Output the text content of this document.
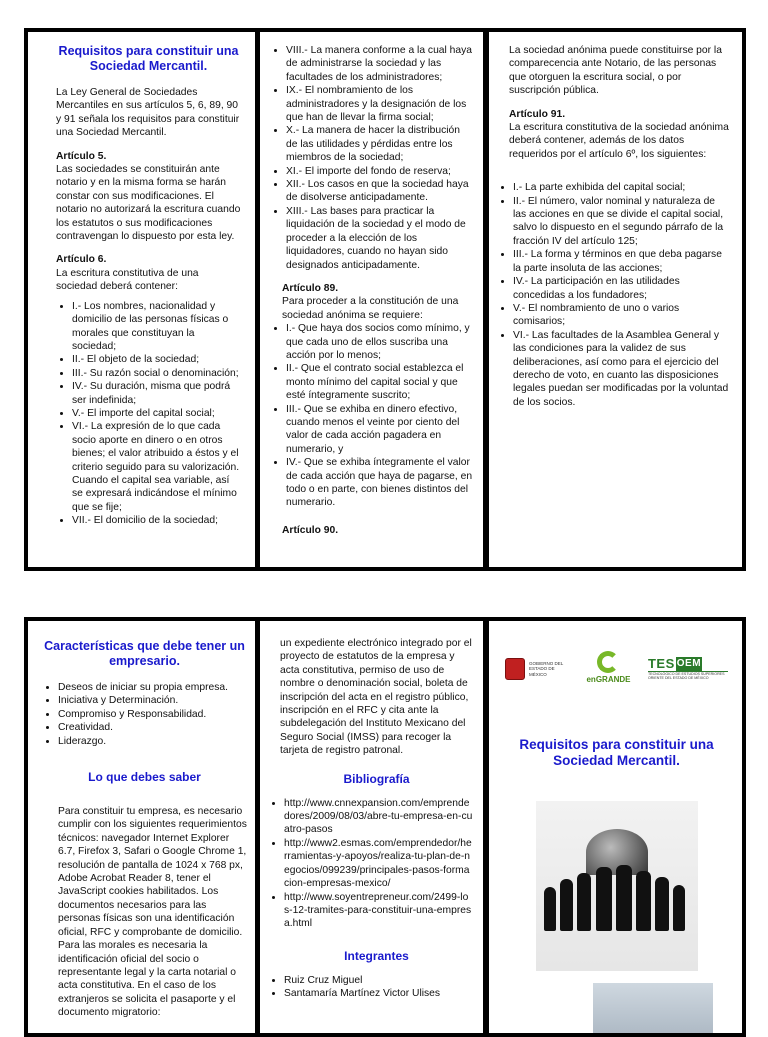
Requisitos para constituir una Sociedad Mercantil.

La Ley General de Sociedades Mercantiles en sus artículos 5, 6, 89, 90 y 91 señala los requisitos para constituir una Sociedad Mercantil.

Artículo 5.

Las sociedades se constituirán ante notario y en la misma forma se harán constar con sus modificaciones. El notario no autorizará la escritura cuando los estatutos o sus modificaciones contravengan lo dispuesto por esta ley.

Artículo 6.

La escritura constitutiva de una sociedad deberá contener:

• I.- Los nombres, nacionalidad y domicilio de las personas físicas o morales que constituyan la sociedad;
• II.- El objeto de la sociedad;
• III.- Su razón social o denominación;
• IV.- Su duración, misma que podrá ser indefinida;
• V.- El importe del capital social;
• VI.- La expresión de lo que cada socio aporte en dinero o en otros bienes; el valor atribuido a éstos y el criterio seguido para su valorización. Cuando el capital sea variable, así se expresará indicándose el mínimo que se fije;
• VII.- El domicilio de la sociedad;
• VIII.- La manera conforme a la cual haya de administrarse la sociedad y las facultades de los administradores;
• IX.- El nombramiento de los administradores y la designación de los que han de llevar la firma social;
• X.- La manera de hacer la distribución de las utilidades y pérdidas entre los miembros de la sociedad;
• XI.- El importe del fondo de reserva;
• XII.- Los casos en que la sociedad haya de disolverse anticipadamente.
• XIII.- Las bases para practicar la liquidación de la sociedad y el modo de proceder a la elección de los liquidadores, cuando no hayan sido designados anticipadamente.
Artículo 89.

Para proceder a la constitución de una sociedad anónima se requiere:

• I.- Que haya dos socios como mínimo, y que cada uno de ellos suscriba una acción por lo menos;
• II.- Que el contrato social establezca el monto mínimo del capital social y que esté íntegramente suscrito;
• III.- Que se exhiba en dinero efectivo, cuando menos el veinte por ciento del valor de cada acción pagadera en numerario, y
• IV.- Que se exhiba íntegramente el valor de cada acción que haya de pagarse, en todo o en parte, con bienes distintos del numerario.
Artículo 90.

La sociedad anónima puede constituirse por la comparecencia ante Notario, de las personas que otorguen la escritura social, o por suscripción pública.

Artículo 91.

La escritura constitutiva de la sociedad anónima deberá contener, además de los datos requeridos por el artículo 6º, los siguientes:

• I.- La parte exhibida del capital social;
• II.- El número, valor nominal y naturaleza de las acciones en que se divide el capital social, salvo lo dispuesto en el segundo párrafo de la fracción IV del artículo 125;
• III.- La forma y términos en que deba pagarse la parte insoluta de las acciones;
• IV.- La participación en las utilidades concedidas a los fundadores;
• V.- El nombramiento de uno o varios comisarios;
• VI.- Las facultades de la Asamblea General y las condiciones para la validez de sus deliberaciones, así como para el ejercicio del derecho de voto, en cuanto las disposiciones legales puedan ser modificadas por la voluntad de los socios.
Características que debe tener un empresario.
• Deseos de iniciar su propia empresa.
• Iniciativa y Determinación.
• Compromiso y Responsabilidad.
• Creatividad.
• Liderazgo.
Lo que debes saber

Para constituir tu empresa, es necesario cumplir con los siguientes requerimientos técnicos: navegador Internet Explorer 6.7, Firefox 3, Safari o Google Chrome 1, resolución de pantalla de 1024 x 768 px, Adobe Acrobat Reader 8, tener el JavaScript cookies habilitados. Los documentos necesarios para las personas físicas son una identificación oficial, RFC y comprobante de domicilio. Para las morales es necesaria la identificación oficial del socio o representante legal y la carta notarial o acta constitutiva. En el caso de los extranjeros se solicita el pasaporte y el documento migratorio:

un expediente electrónico integrado por el proyecto de estatutos de la empresa y acta constitutiva, permiso de uso de nombre o denominación social, boleta de inscripción del acta en el registro público, inscripción en el RFC y cita ante la subdelegación del Instituto Mexicano del Seguro Social (IMSS) para recoger la tarjeta de registro patronal.

Bibliografía
• http://www.cnnexpansion.com/emprendedores/2009/08/03/abre-tu-empresa-en-cuatro-pasos
• http://www2.esmas.com/emprendedor/herramientas-y-apoyos/realiza-tu-plan-de-negocios/099239/principales-pasos-formacion-empresas-mexico/
• http://www.soyentrepreneur.com/2499-los-12-tramites-para-constituir-una-empresa.html
Integrantes
• Ruiz Cruz Miguel
• Santamaría Martínez Victor Ulises
GOBIERNO DEL ESTADO DE MÉXICO
enGRANDE
TES OEM
TECNOLÓGICO DE ESTUDIOS SUPERIORES ORIENTE DEL ESTADO DE MÉXICO
Requisitos para constituir una Sociedad Mercantil.
